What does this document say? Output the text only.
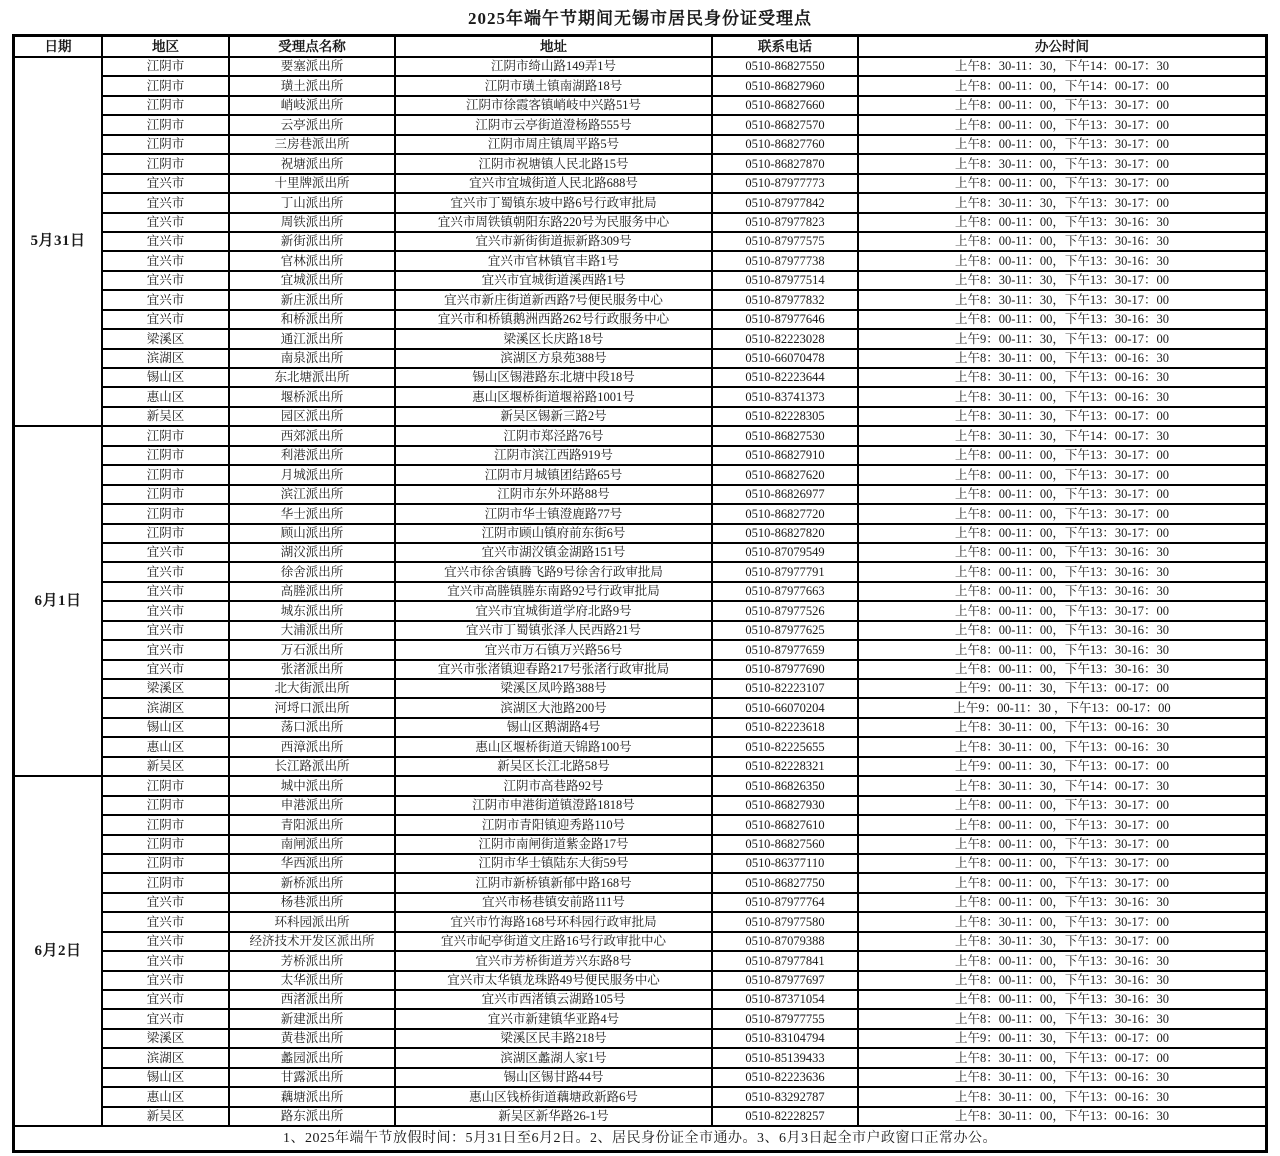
2025年端午节期间无锡市居民身份证受理点
日期	地区	受理点名称	地址	联系电话	办公时间
1、2025年端午节放假时间：5月31日至6月2日。2、居民身份证全市通办。3、6月3日起全市户政窗口正常办公。
5月31日
江阴市	要塞派出所	江阴市绮山路149弄1号	0510-86827550	上午8：30-11：30，下午14：00-17：30
江阴市	璜土派出所	江阴市璜土镇南湖路18号	0510-86827960	上午8：00-11：00，下午14：00-17：00
江阴市	峭岐派出所	江阴市徐霞客镇峭岐中兴路51号	0510-86827660	上午8：00-11：00，下午13：30-17：00
江阴市	云亭派出所	江阴市云亭街道澄杨路555号	0510-86827570	上午8：00-11：00，下午13：30-17：00
江阴市	三房巷派出所	江阴市周庄镇周平路5号	0510-86827760	上午8：00-11：00，下午13：30-17：00
江阴市	祝塘派出所	江阴市祝塘镇人民北路15号	0510-86827870	上午8：30-11：00，下午13：30-17：00
宜兴市	十里牌派出所	宜兴市宜城街道人民北路688号	0510-87977773	上午8：00-11：00，下午13：30-17：00
宜兴市	丁山派出所	宜兴市丁蜀镇东坡中路6号行政审批局	0510-87977842	上午8：30-11：30，下午13：30-17：00
宜兴市	周铁派出所	宜兴市周铁镇朝阳东路220号为民服务中心	0510-87977823	上午8：00-11：00，下午13：30-16：30
宜兴市	新街派出所	宜兴市新街街道振新路309号	0510-87977575	上午8：00-11：00，下午13：30-16：30
宜兴市	官林派出所	宜兴市官林镇官丰路1号	0510-87977738	上午8：00-11：00，下午13：30-16：30
宜兴市	宜城派出所	宜兴市宜城街道溪西路1号	0510-87977514	上午8：30-11：30，下午13：30-17：00
宜兴市	新庄派出所	宜兴市新庄街道新西路7号便民服务中心	0510-87977832	上午8：30-11：30，下午13：30-17：00
宜兴市	和桥派出所	宜兴市和桥镇鹅洲西路262号行政服务中心	0510-87977646	上午8：00-11：00，下午13：30-16：30
梁溪区	通江派出所	梁溪区长庆路18号	0510-82223028	上午9：00-11：30，下午13：00-17：00
滨湖区	南泉派出所	滨湖区方泉苑388号	0510-66070478	上午8：30-11：00，下午13：00-16：30
锡山区	东北塘派出所	锡山区锡港路东北塘中段18号	0510-82223644	上午8：30-11：00，下午13：00-16：30
惠山区	堰桥派出所	惠山区堰桥街道堰裕路1001号	0510-83741373	上午8：30-11：00，下午13：00-16：30
新吴区	园区派出所	新吴区锡新三路2号	0510-82228305	上午8：30-11：30，下午13：00-17：00
6月1日
江阴市	西郊派出所	江阴市郑泾路76号	0510-86827530	上午8：30-11：30，下午14：00-17：30
江阴市	利港派出所	江阴市滨江西路919号	0510-86827910	上午8：00-11：00，下午13：30-17：00
江阴市	月城派出所	江阴市月城镇团结路65号	0510-86827620	上午8：00-11：00，下午13：30-17：00
江阴市	滨江派出所	江阴市东外环路88号	0510-86826977	上午8：00-11：00，下午13：30-17：00
江阴市	华士派出所	江阴市华士镇澄鹿路77号	0510-86827720	上午8：00-11：00，下午13：30-17：00
江阴市	顾山派出所	江阴市顾山镇府前东街6号	0510-86827820	上午8：00-11：00，下午13：30-17：00
宜兴市	湖㳇派出所	宜兴市湖㳇镇金湖路151号	0510-87079549	上午8：00-11：00，下午13：30-16：30
宜兴市	徐舍派出所	宜兴市徐舍镇腾飞路9号徐舍行政审批局	0510-87977791	上午8：00-11：00，下午13：30-16：30
宜兴市	高塍派出所	宜兴市高塍镇塍东南路92号行政审批局	0510-87977663	上午8：00-11：00，下午13：30-16：30
宜兴市	城东派出所	宜兴市宜城街道学府北路9号	0510-87977526	上午8：00-11：00，下午13：30-17：00
宜兴市	大浦派出所	宜兴市丁蜀镇张泽人民西路21号	0510-87977625	上午8：00-11：00，下午13：30-16：30
宜兴市	万石派出所	宜兴市万石镇万兴路56号	0510-87977659	上午8：00-11：00，下午13：30-16：30
宜兴市	张渚派出所	宜兴市张渚镇迎春路217号张渚行政审批局	0510-87977690	上午8：00-11：00，下午13：30-16：30
梁溪区	北大街派出所	梁溪区凤吟路388号	0510-82223107	上午9：00-11：30，下午13：00-17：00
滨湖区	河埒口派出所	滨湖区大池路200号	0510-66070204	上午9：00-11：30 ，下午13：00-17：00
锡山区	荡口派出所	锡山区鹅湖路4号	0510-82223618	上午8：30-11：00，下午13：00-16：30
惠山区	西漳派出所	惠山区堰桥街道天锦路100号	0510-82225655	上午8：30-11：00，下午13：00-16：30
新吴区	长江路派出所	新吴区长江北路58号	0510-82228321	上午9：00-11：30，下午13：00-17：00
6月2日
江阴市	城中派出所	江阴市高巷路92号	0510-86826350	上午8：30-11：30，下午14：00-17：30
江阴市	申港派出所	江阴市申港街道镇澄路1818号	0510-86827930	上午8：00-11：00，下午13：30-17：00
江阴市	青阳派出所	江阴市青阳镇迎秀路110号	0510-86827610	上午8：00-11：00，下午13：30-17：00
江阴市	南闸派出所	江阴市南闸街道紫金路17号	0510-86827560	上午8：00-11：00，下午13：30-17：00
江阴市	华西派出所	江阴市华士镇陆东大街59号	0510-86377110	上午8：00-11：00，下午13：30-17：00
江阴市	新桥派出所	江阴市新桥镇新郁中路168号	0510-86827750	上午8：00-11：00，下午13：30-17：00
宜兴市	杨巷派出所	宜兴市杨巷镇安前路111号	0510-87977764	上午8：00-11：00，下午13：30-16：30
宜兴市	环科园派出所	宜兴市竹海路168号环科园行政审批局	0510-87977580	上午8：30-11：00，下午13：30-17：00
宜兴市	经济技术开发区派出所	宜兴市屺亭街道文庄路16号行政审批中心	0510-87079388	上午8：30-11：30，下午13：30-17：00
宜兴市	芳桥派出所	宜兴市芳桥街道芳兴东路8号	0510-87977841	上午8：00-11：00，下午13：30-16：30
宜兴市	太华派出所	宜兴市太华镇龙珠路49号便民服务中心	0510-87977697	上午8：00-11：00，下午13：30-16：30
宜兴市	西渚派出所	宜兴市西渚镇云湖路105号	0510-87371054	上午8：00-11：00，下午13：30-16：30
宜兴市	新建派出所	宜兴市新建镇华亚路4号	0510-87977755	上午8：00-11：00，下午13：30-16：30
梁溪区	黄巷派出所	梁溪区民丰路218号	0510-83104794	上午9：00-11：30，下午13：00-17：00
滨湖区	蠡园派出所	滨湖区蠡湖人家1号	0510-85139433	上午8：30-11：00，下午13：00-17：00
锡山区	甘露派出所	锡山区锡甘路44号	0510-82223636	上午8：30-11：00，下午13：00-16：30
惠山区	藕塘派出所	惠山区钱桥街道藕塘政新路6号	0510-83292787	上午8：30-11：00，下午13：00-16：30
新吴区	路东派出所	新吴区新华路26-1号	0510-82228257	上午8：30-11：00，下午13：00-16：30
